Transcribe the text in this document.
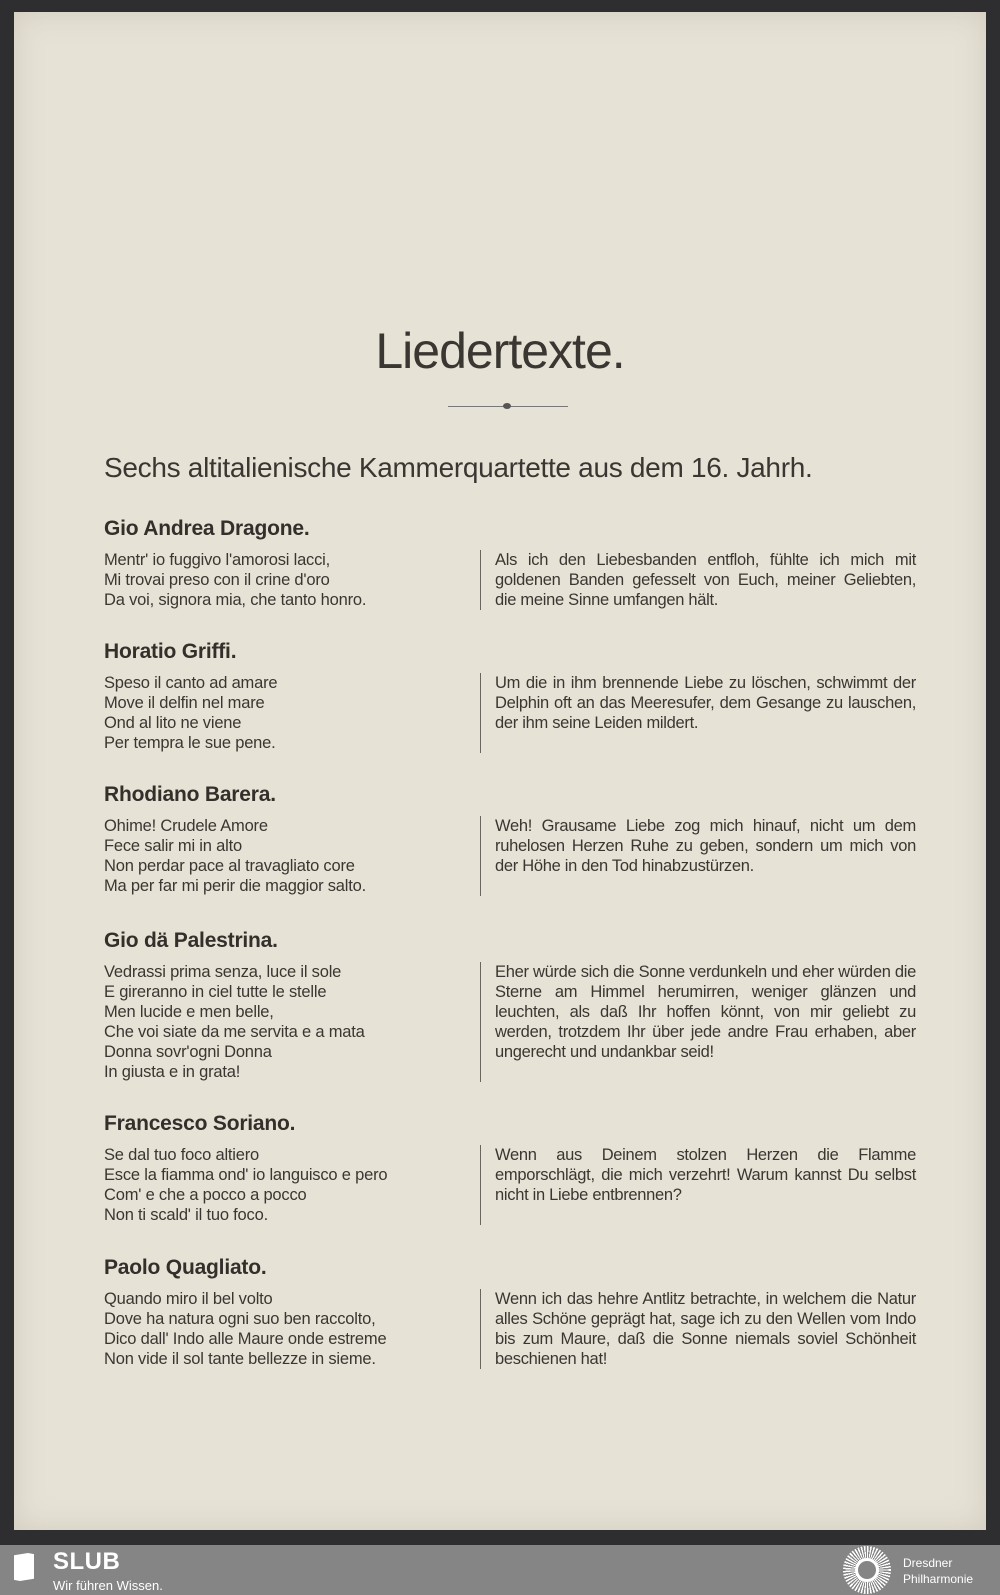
Liedertexte.
Sechs altitalienische Kammerquartette aus dem 16. Jahrh.
Gio Andrea Dragone.
Mentr' io fuggivo l'amorosi lacci,
Mi trovai preso con il crine d'oro
Da voi, signora mia, che tanto honro.
Als ich den Liebesbanden entfloh, fühlte ich mich mit goldenen Banden gefesselt von Euch, meiner Geliebten, die meine Sinne umfangen hält.
Horatio Griffi.
Speso il canto ad amare
Move il delfin nel mare
Ond al lito ne viene
Per tempra le sue pene.
Um die in ihm brennende Liebe zu löschen, schwimmt der Delphin oft an das Meeresufer, dem Gesange zu lauschen, der ihm seine Leiden mildert.
Rhodiano Barera.
Ohime! Crudele Amore
Fece salir mi in alto
Non perdar pace al travagliato core
Ma per far mi perir die maggior salto.
Weh! Grausame Liebe zog mich hinauf, nicht um dem ruhelosen Herzen Ruhe zu geben, sondern um mich von der Höhe in den Tod hinabzustürzen.
Gio dä Palestrina.
Vedrassi prima senza, luce il sole
E gireranno in ciel tutte le stelle
Men lucide e men belle,
Che voi siate da me servita e a mata
Donna sovr'ogni Donna
In giusta e in grata!
Eher würde sich die Sonne verdunkeln und eher würden die Sterne am Himmel herumirren, weniger glänzen und leuchten, als daß Ihr hoffen könnt, von mir geliebt zu werden, trotzdem Ihr über jede andre Frau erhaben, aber ungerecht und undankbar seid!
Francesco Soriano.
Se dal tuo foco altiero
Esce la fiamma ond' io languisco e pero
Com' e che a pocco a pocco
Non ti scald' il tuo foco.
Wenn aus Deinem stolzen Herzen die Flamme emporschlägt, die mich verzehrt! Warum kannst Du selbst nicht in Liebe entbrennen?
Paolo Quagliato.
Quando miro il bel volto
Dove ha natura ogni suo ben raccolto,
Dico dall' Indo alle Maure onde estreme
Non vide il sol tante bellezze in sieme.
Wenn ich das hehre Antlitz betrachte, in welchem die Natur alles Schöne geprägt hat, sage ich zu den Wellen vom Indo bis zum Maure, daß die Sonne niemals soviel Schönheit beschienen hat!
SLUB
Wir führen Wissen.
Dresdner
Philharmonie
